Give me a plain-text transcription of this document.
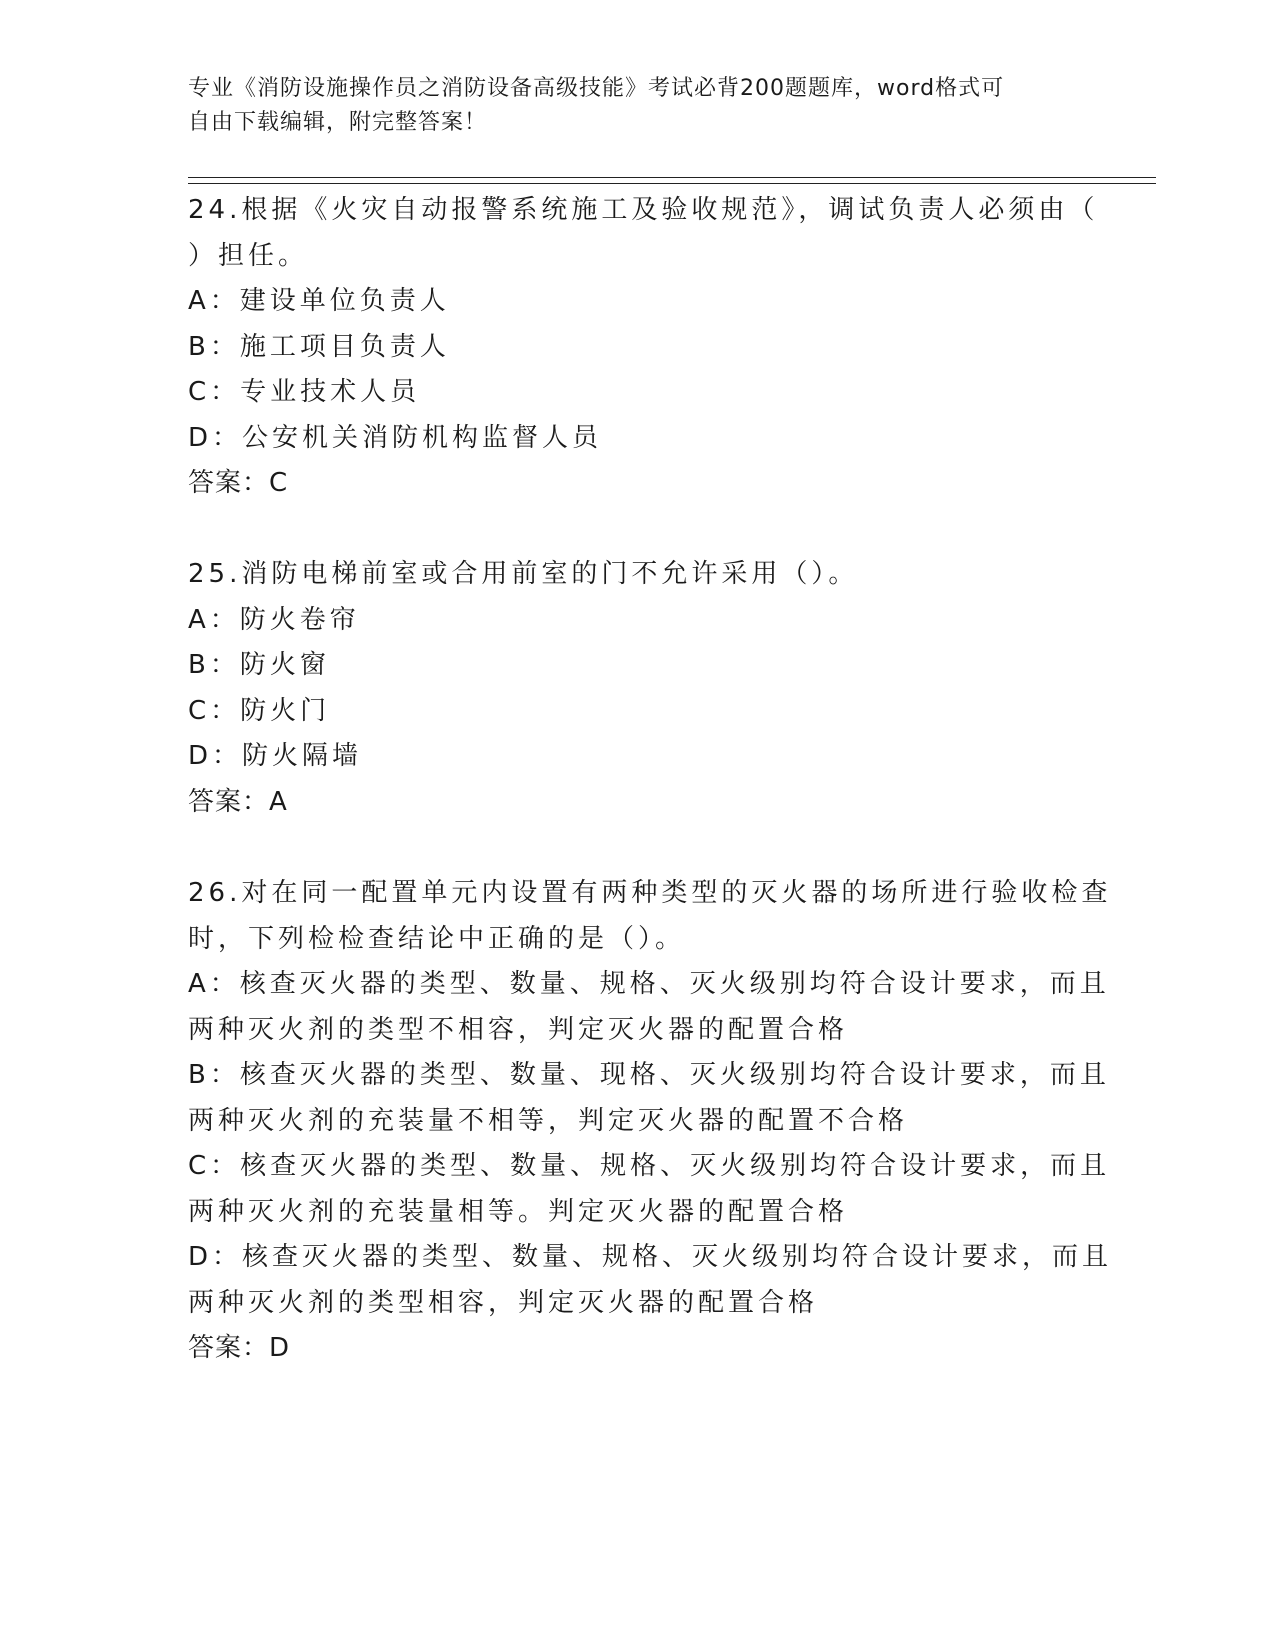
专业《消防设施操作员之消防设备高级技能》考试必背200题题库，word格式可
自由下载编辑，附完整答案！
24.根据《火灾自动报警系统施工及验收规范》，调试负责人必须由（
）担任。
A：建设单位负责人
B：施工项目负责人
C：专业技术人员
D：公安机关消防机构监督人员
答案：C
25.消防电梯前室或合用前室的门不允许采用（）。
A：防火卷帘
B：防火窗
C：防火门
D：防火隔墙
答案：A
26.对在同一配置单元内设置有两种类型的灭火器的场所进行验收检查
时，下列检检查结论中正确的是（）。
A：核查灭火器的类型、数量、规格、灭火级别均符合设计要求，而且
两种灭火剂的类型不相容，判定灭火器的配置合格
B：核查灭火器的类型、数量、现格、灭火级别均符合设计要求，而且
两种灭火剂的充装量不相等，判定灭火器的配置不合格
C：核查灭火器的类型、数量、规格、灭火级别均符合设计要求，而且
两种灭火剂的充装量相等。判定灭火器的配置合格
D：核查灭火器的类型、数量、规格、灭火级别均符合设计要求，而且
两种灭火剂的类型相容，判定灭火器的配置合格
答案：D
